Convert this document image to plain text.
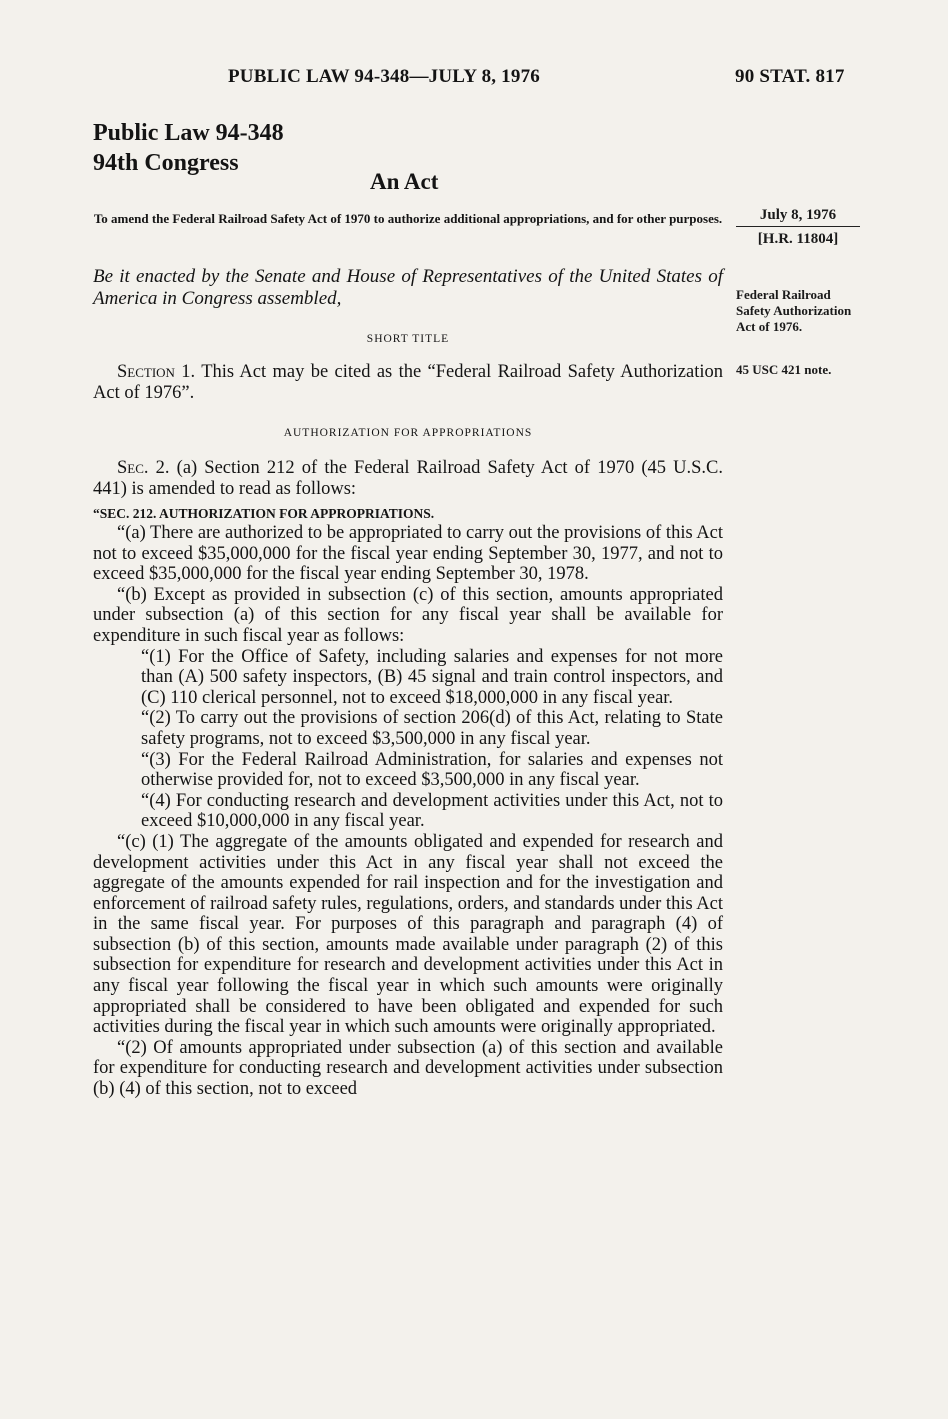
PUBLIC LAW 94-348—JULY 8, 1976	90 STAT. 817
Public Law 94-348
94th Congress
An Act
To amend the Federal Railroad Safety Act of 1970 to authorize additional appropriations, and for other purposes.	July 8, 1976
[H.R. 11804]
Be it enacted by the Senate and House of Representatives of the United States of America in Congress assembled,	Federal Railroad Safety Authorization Act of 1976.
45 USC 421 note.
SHORT TITLE
Section 1. This Act may be cited as the “Federal Railroad Safety Authorization Act of 1976”.
AUTHORIZATION FOR APPROPRIATIONS
Sec. 2. (a) Section 212 of the Federal Railroad Safety Act of 1970 (45 U.S.C. 441) is amended to read as follows:
“SEC. 212. AUTHORIZATION FOR APPROPRIATIONS.

“(a) There are authorized to be appropriated to carry out the provisions of this Act not to exceed $35,000,000 for the fiscal year ending September 30, 1977, and not to exceed $35,000,000 for the fiscal year ending September 30, 1978.

“(b) Except as provided in subsection (c) of this section, amounts appropriated under subsection (a) of this section for any fiscal year shall be available for expenditure in such fiscal year as follows:

“(1) For the Office of Safety, including salaries and expenses for not more than (A) 500 safety inspectors, (B) 45 signal and train control inspectors, and (C) 110 clerical personnel, not to exceed $18,000,000 in any fiscal year.

“(2) To carry out the provisions of section 206(d) of this Act, relating to State safety programs, not to exceed $3,500,000 in any fiscal year.

“(3) For the Federal Railroad Administration, for salaries and expenses not otherwise provided for, not to exceed $3,500,000 in any fiscal year.

“(4) For conducting research and development activities under this Act, not to exceed $10,000,000 in any fiscal year.

“(c) (1) The aggregate of the amounts obligated and expended for research and development activities under this Act in any fiscal year shall not exceed the aggregate of the amounts expended for rail inspection and for the investigation and enforcement of railroad safety rules, regulations, orders, and standards under this Act in the same fiscal year. For purposes of this paragraph and paragraph (4) of subsection (b) of this section, amounts made available under paragraph (2) of this subsection for expenditure for research and development activities under this Act in any fiscal year following the fiscal year in which such amounts were originally appropriated shall be considered to have been obligated and expended for such activities during the fiscal year in which such amounts were originally appropriated.

“(2) Of amounts appropriated under subsection (a) of this section and available for expenditure for conducting research and development activities under subsection (b) (4) of this section, not to exceed
